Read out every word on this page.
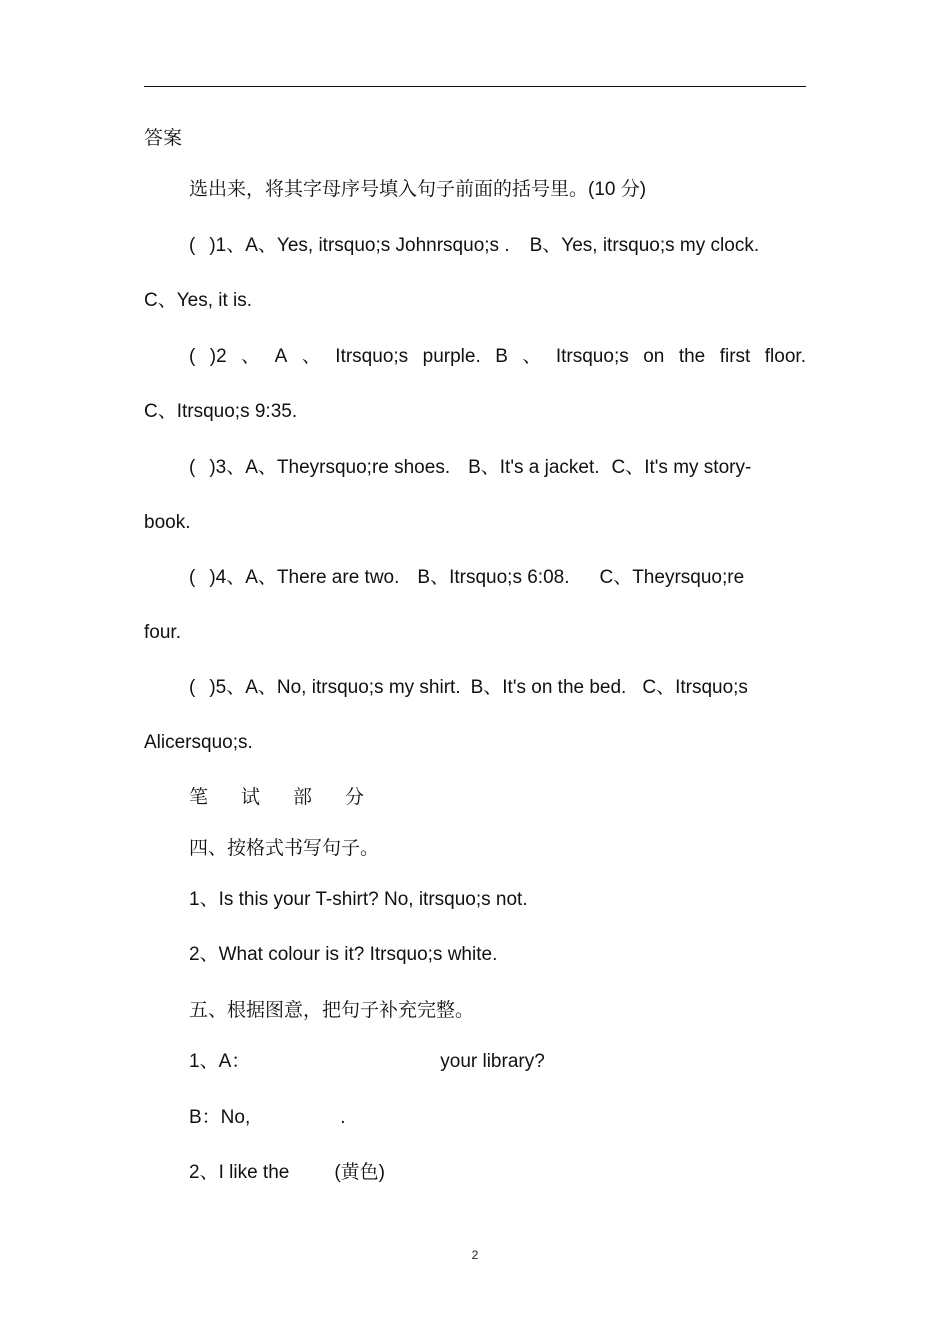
答案
选出来，将其字母序号填入句子前面的括号里。(10 分)
( )1、A、Yes, itrsquo;s Johnrsquo;s . B、Yes, itrsquo;s my clock.
C、Yes, it is.
( )2 、 A 、 Itrsquo;s purple. B 、 Itrsquo;s on the first floor.
C、Itrsquo;s 9:35.
( )3、A、Theyrsquo;re shoes. B、It's a jacket. C、It's my story-
book.
( )4、A、There are two. B、Itrsquo;s 6:08. C、Theyrsquo;re
four.
( )5、A、No, itrsquo;s my shirt. B、It's on the bed. C、Itrsquo;s
Alicersquo;s.
笔 试 部 分
四、按格式书写句子。
1、Is this your T-shirt? No, itrsquo;s not.
2、What colour is it? Itrsquo;s white.
五、根据图意，把句子补充完整。
1、A：	your library?
B：No,	.
2、I like the (黄色)
2
